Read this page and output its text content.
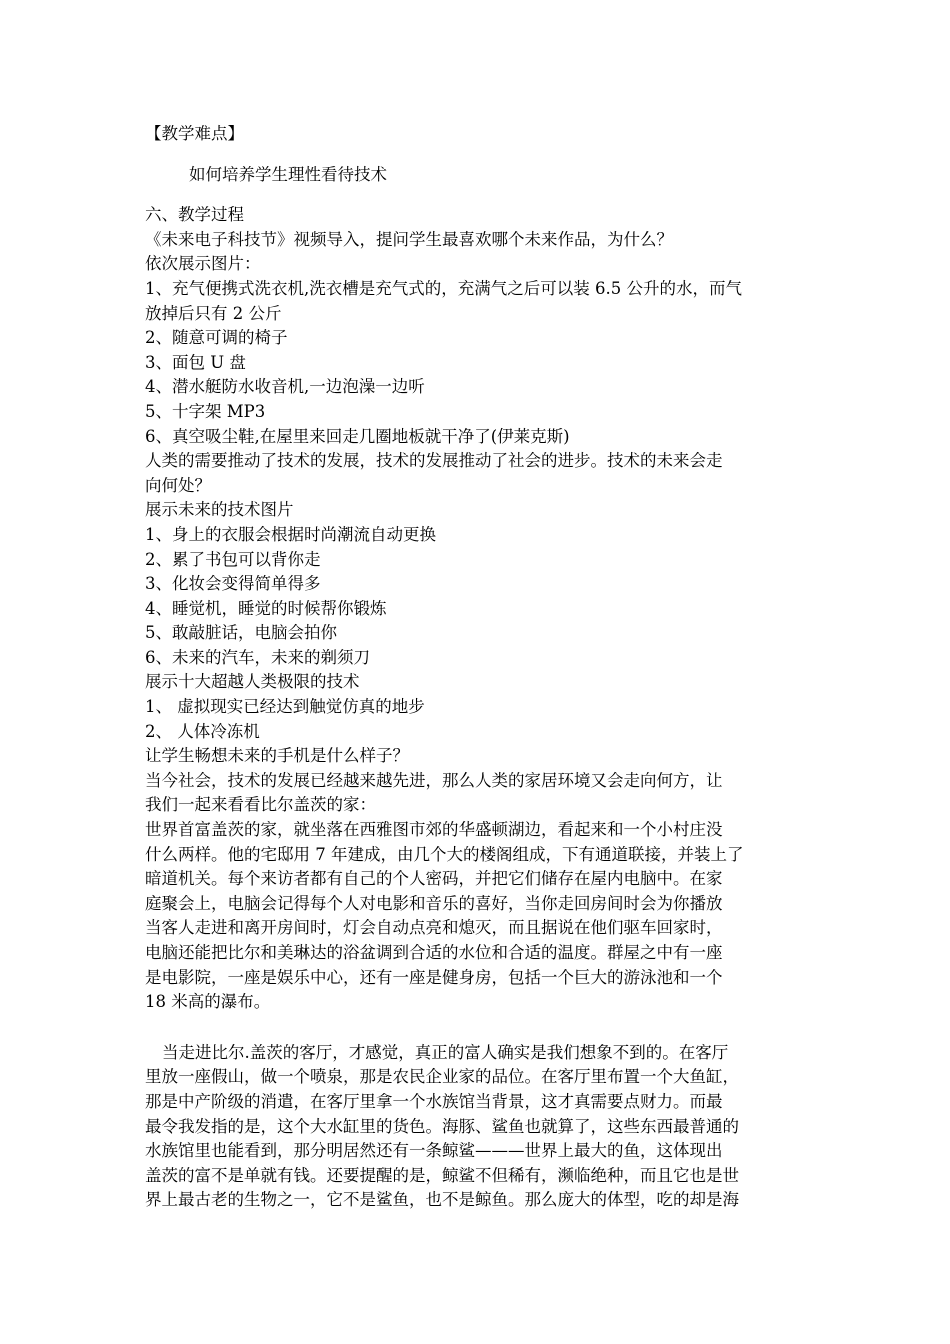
【教学难点】
如何培养学生理性看待技术
六、教学过程
《未来电子科技节》视频导入，提问学生最喜欢哪个未来作品，为什么？
依次展示图片：
1、充气便携式洗衣机,洗衣槽是充气式的，充满气之后可以装 6.5 公升的水，而气
放掉后只有 2 公斤
2、随意可调的椅子
3、面包 U 盘
4、潜水艇防水收音机,一边泡澡一边听
5、十字架 MP3
6、真空吸尘鞋,在屋里来回走几圈地板就干净了(伊莱克斯)
人类的需要推动了技术的发展，技术的发展推动了社会的进步。技术的未来会走
向何处？
展示未来的技术图片
1、身上的衣服会根据时尚潮流自动更换
2、累了书包可以背你走
3、化妆会变得简单得多
4、睡觉机，睡觉的时候帮你锻炼
5、敢敲脏话，电脑会拍你
6、未来的汽车，未来的剃须刀
展示十大超越人类极限的技术
1、 虚拟现实已经达到触觉仿真的地步
2、 人体冷冻机
让学生畅想未来的手机是什么样子？
当今社会，技术的发展已经越来越先进，那么人类的家居环境又会走向何方，让
我们一起来看看比尔盖茨的家：
世界首富盖茨的家，就坐落在西雅图市郊的华盛顿湖边，看起来和一个小村庄没
什么两样。他的宅邸用 7 年建成，由几个大的楼阁组成，下有通道联接，并装上了
暗道机关。每个来访者都有自己的个人密码，并把它们储存在屋内电脑中。在家
庭聚会上，电脑会记得每个人对电影和音乐的喜好，当你走回房间时会为你播放
当客人走进和离开房间时，灯会自动点亮和熄灭，而且据说在他们驱车回家时，
电脑还能把比尔和美琳达的浴盆调到合适的水位和合适的温度。群屋之中有一座
是电影院，一座是娱乐中心，还有一座是健身房，包括一个巨大的游泳池和一个
18 米高的瀑布。
当走进比尔.盖茨的客厅，才感觉，真正的富人确实是我们想象不到的。在客厅
里放一座假山，做一个喷泉，那是农民企业家的品位。在客厅里布置一个大鱼缸，
那是中产阶级的消遣，在客厅里拿一个水族馆当背景，这才真需要点财力。而最
最令我发指的是，这个大水缸里的货色。海豚、鲨鱼也就算了，这些东西最普通的
水族馆里也能看到，那分明居然还有一条鲸鲨———世界上最大的鱼，这体现出
盖茨的富不是单就有钱。还要提醒的是，鲸鲨不但稀有，濒临绝种，而且它也是世
界上最古老的生物之一，它不是鲨鱼，也不是鲸鱼。那么庞大的体型，吃的却是海
